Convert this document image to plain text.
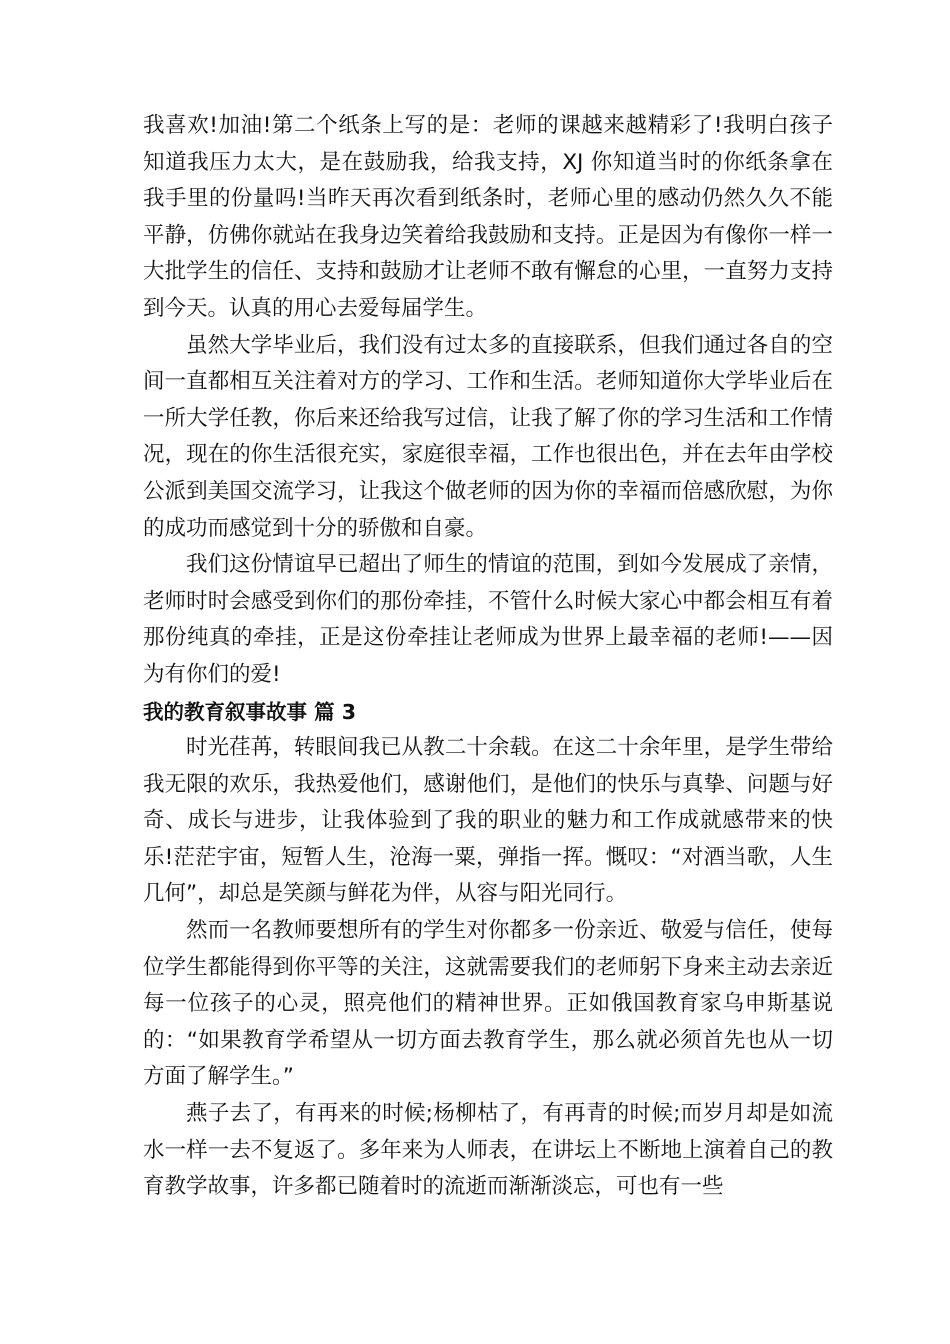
我喜欢!加油!第二个纸条上写的是：老师的课越来越精彩了!我明白孩子知道我压力太大，是在鼓励我，给我支持，XJ 你知道当时的你纸条拿在我手里的份量吗!当昨天再次看到纸条时，老师心里的感动仍然久久不能平静，仿佛你就站在我身边笑着给我鼓励和支持。正是因为有像你一样一大批学生的信任、支持和鼓励才让老师不敢有懈怠的心里，一直努力支持到今天。认真的用心去爱每届学生。

虽然大学毕业后，我们没有过太多的直接联系，但我们通过各自的空间一直都相互关注着对方的学习、工作和生活。老师知道你大学毕业后在一所大学任教，你后来还给我写过信，让我了解了你的学习生活和工作情况，现在的你生活很充实，家庭很幸福，工作也很出色，并在去年由学校公派到美国交流学习，让我这个做老师的因为你的幸福而倍感欣慰，为你的成功而感觉到十分的骄傲和自豪。

我们这份情谊早已超出了师生的情谊的范围，到如今发展成了亲情，老师时时会感受到你们的那份牵挂，不管什么时候大家心中都会相互有着那份纯真的牵挂，正是这份牵挂让老师成为世界上最幸福的老师!——因为有你们的爱!

我的教育叙事故事 篇 3

时光荏苒，转眼间我已从教二十余载。在这二十余年里，是学生带给我无限的欢乐，我热爱他们，感谢他们，是他们的快乐与真挚、问题与好奇、成长与进步，让我体验到了我的职业的魅力和工作成就感带来的快乐!茫茫宇宙，短暂人生，沧海一粟，弹指一挥。慨叹：“对酒当歌，人生几何”，却总是笑颜与鲜花为伴，从容与阳光同行。

然而一名教师要想所有的学生对你都多一份亲近、敬爱与信任，使每位学生都能得到你平等的关注，这就需要我们的老师躬下身来主动去亲近每一位孩子的心灵，照亮他们的精神世界。正如俄国教育家乌申斯基说的：“如果教育学希望从一切方面去教育学生，那么就必须首先也从一切方面了解学生。”

燕子去了，有再来的时候;杨柳枯了，有再青的时候;而岁月却是如流水一样一去不复返了。多年来为人师表，在讲坛上不断地上演着自己的教育教学故事，许多都已随着时的流逝而渐渐淡忘，可也有一些
